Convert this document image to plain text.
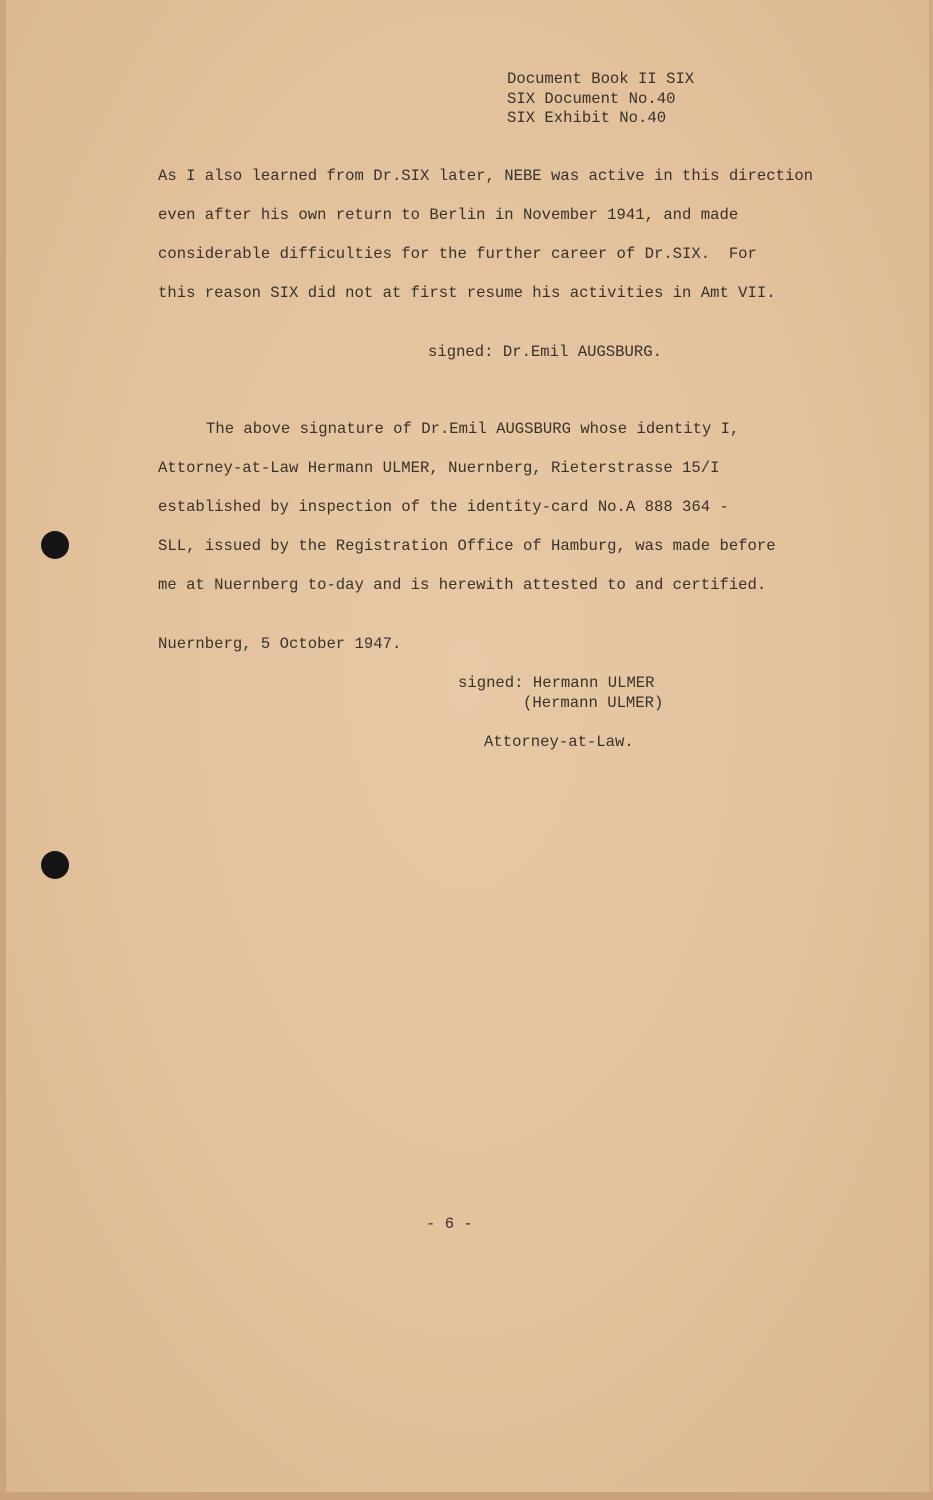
Document Book II SIX
SIX Document No.40
SIX Exhibit No.40
As I also learned from Dr.SIX later, NEBE was active in this direction
even after his own return to Berlin in November 1941, and made
considerable difficulties for the further career of Dr.SIX.  For
this reason SIX did not at first resume his activities in Amt VII.
signed: Dr.Emil AUGSBURG.
The above signature of Dr.Emil AUGSBURG whose identity I,
Attorney-at-Law Hermann ULMER, Nuernberg, Rieterstrasse 15/I
established by inspection of the identity-card No.A 888 364 -
SLL, issued by the Registration Office of Hamburg, was made before
me at Nuernberg to-day and is herewith attested to and certified.
Nuernberg, 5 October 1947.
signed: Hermann ULMER
(Hermann ULMER)
Attorney-at-Law.
- 6 -
